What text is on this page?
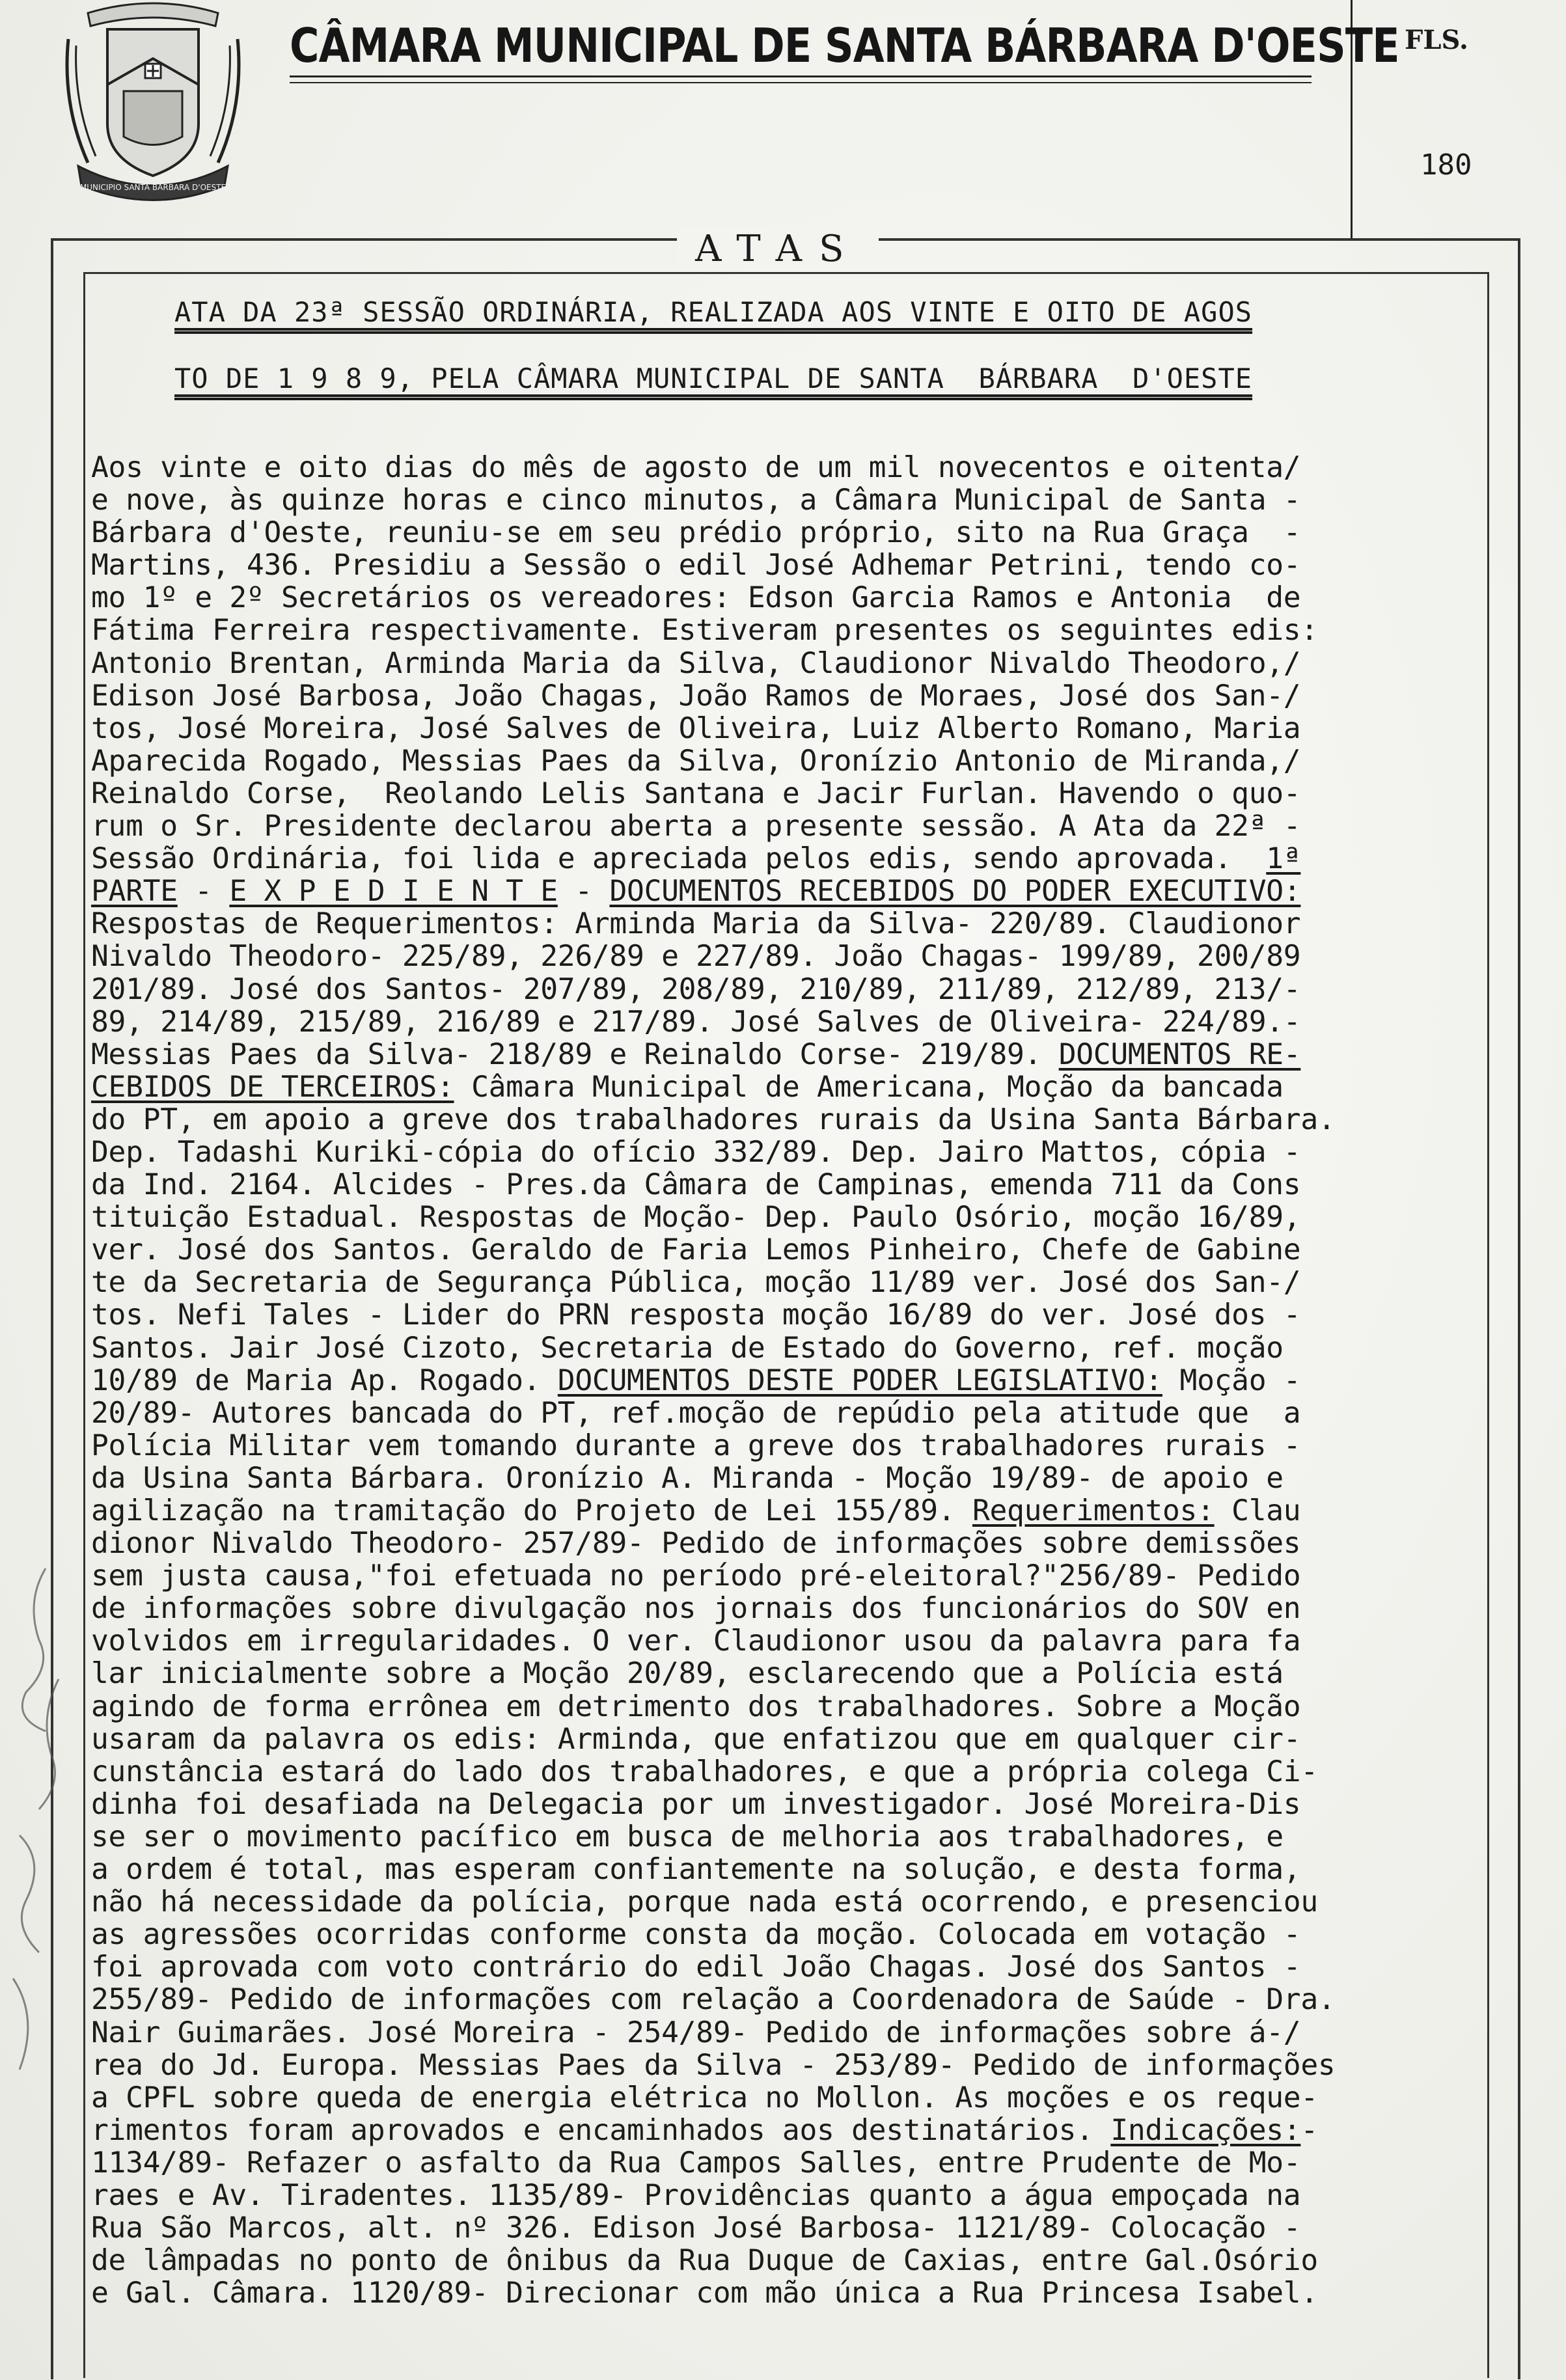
MUNICIPIO SANTA BARBARA D'OESTE
CÂMARA MUNICIPAL DE SANTA BÁRBARA D'OESTE FLS.
180
ATAS
ATA DA 23ª SESSÃO ORDINÁRIA, REALIZADA AOS VINTE E OITO DE AGOS
TO DE 1 9 8 9, PELA CÂMARA MUNICIPAL DE SANTA  BÁRBARA  D'OESTE
Aos vinte e oito dias do mês de agosto de um mil novecentos e oitenta/
e nove, às quinze horas e cinco minutos, a Câmara Municipal de Santa -
Bárbara d'Oeste, reuniu-se em seu prédio próprio, sito na Rua Graça  -
Martins, 436. Presidiu a Sessão o edil José Adhemar Petrini, tendo co-
mo 1º e 2º Secretários os vereadores: Edson Garcia Ramos e Antonia  de
Fátima Ferreira respectivamente. Estiveram presentes os seguintes edis:
Antonio Brentan, Arminda Maria da Silva, Claudionor Nivaldo Theodoro,/
Edison José Barbosa, João Chagas, João Ramos de Moraes, José dos San-/
tos, José Moreira, José Salves de Oliveira, Luiz Alberto Romano, Maria
Aparecida Rogado, Messias Paes da Silva, Oronízio Antonio de Miranda,/
Reinaldo Corse,  Reolando Lelis Santana e Jacir Furlan. Havendo o quo-
rum o Sr. Presidente declarou aberta a presente sessão. A Ata da 22ª -
Sessão Ordinária, foi lida e apreciada pelos edis, sendo aprovada.  1ª
PARTE - E X P E D I E N T E - DOCUMENTOS RECEBIDOS DO PODER EXECUTIVO:
Respostas de Requerimentos: Arminda Maria da Silva- 220/89. Claudionor
Nivaldo Theodoro- 225/89, 226/89 e 227/89. João Chagas- 199/89, 200/89
201/89. José dos Santos- 207/89, 208/89, 210/89, 211/89, 212/89, 213/-
89, 214/89, 215/89, 216/89 e 217/89. José Salves de Oliveira- 224/89.-
Messias Paes da Silva- 218/89 e Reinaldo Corse- 219/89. DOCUMENTOS RE-
CEBIDOS DE TERCEIROS: Câmara Municipal de Americana, Moção da bancada
do PT, em apoio a greve dos trabalhadores rurais da Usina Santa Bárbara.
Dep. Tadashi Kuriki-cópia do ofício 332/89. Dep. Jairo Mattos, cópia -
da Ind. 2164. Alcides - Pres.da Câmara de Campinas, emenda 711 da Cons
tituição Estadual. Respostas de Moção- Dep. Paulo Osório, moção 16/89,
ver. José dos Santos. Geraldo de Faria Lemos Pinheiro, Chefe de Gabine
te da Secretaria de Segurança Pública, moção 11/89 ver. José dos San-/
tos. Nefi Tales - Lider do PRN resposta moção 16/89 do ver. José dos -
Santos. Jair José Cizoto, Secretaria de Estado do Governo, ref. moção
10/89 de Maria Ap. Rogado. DOCUMENTOS DESTE PODER LEGISLATIVO: Moção -
20/89- Autores bancada do PT, ref.moção de repúdio pela atitude que  a
Polícia Militar vem tomando durante a greve dos trabalhadores rurais -
da Usina Santa Bárbara. Oronízio A. Miranda - Moção 19/89- de apoio e
agilização na tramitação do Projeto de Lei 155/89. Requerimentos: Clau
dionor Nivaldo Theodoro- 257/89- Pedido de informações sobre demissões
sem justa causa,"foi efetuada no período pré-eleitoral?"256/89- Pedido
de informações sobre divulgação nos jornais dos funcionários do SOV en
volvidos em irregularidades. O ver. Claudionor usou da palavra para fa
lar inicialmente sobre a Moção 20/89, esclarecendo que a Polícia está
agindo de forma errônea em detrimento dos trabalhadores. Sobre a Moção
usaram da palavra os edis: Arminda, que enfatizou que em qualquer cir-
cunstância estará do lado dos trabalhadores, e que a própria colega Ci-
dinha foi desafiada na Delegacia por um investigador. José Moreira-Dis
se ser o movimento pacífico em busca de melhoria aos trabalhadores, e
a ordem é total, mas esperam confiantemente na solução, e desta forma,
não há necessidade da polícia, porque nada está ocorrendo, e presenciou
as agressões ocorridas conforme consta da moção. Colocada em votação -
foi aprovada com voto contrário do edil João Chagas. José dos Santos -
255/89- Pedido de informações com relação a Coordenadora de Saúde - Dra.
Nair Guimarães. José Moreira - 254/89- Pedido de informações sobre á-/
rea do Jd. Europa. Messias Paes da Silva - 253/89- Pedido de informações
a CPFL sobre queda de energia elétrica no Mollon. As moções e os reque-
rimentos foram aprovados e encaminhados aos destinatários. Indicações:-
1134/89- Refazer o asfalto da Rua Campos Salles, entre Prudente de Mo-
raes e Av. Tiradentes. 1135/89- Providências quanto a água empoçada na
Rua São Marcos, alt. nº 326. Edison José Barbosa- 1121/89- Colocação -
de lâmpadas no ponto de ônibus da Rua Duque de Caxias, entre Gal.Osório
e Gal. Câmara. 1120/89- Direcionar com mão única a Rua Princesa Isabel.
